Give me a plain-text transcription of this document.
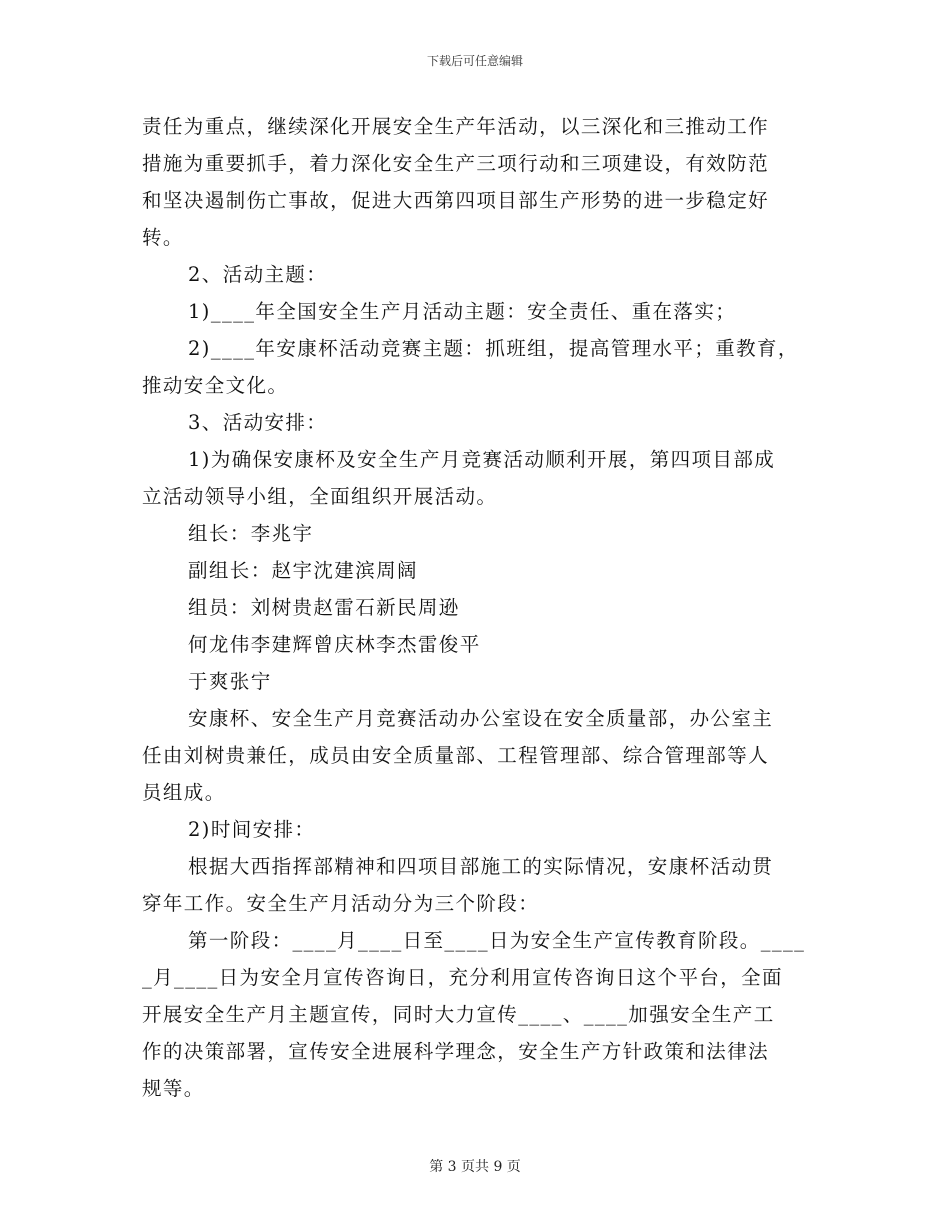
下载后可任意编辑
责任为重点，继续深化开展安全生产年活动，以三深化和三推动工作
措施为重要抓手，着力深化安全生产三项行动和三项建设，有效防范
和坚决遏制伤亡事故，促进大西第四项目部生产形势的进一步稳定好
转。
2、活动主题：
1)____年全国安全生产月活动主题：安全责任、重在落实；
2)____年安康杯活动竞赛主题：抓班组，提高管理水平；重教育，
推动安全文化。
3、活动安排：
1)为确保安康杯及安全生产月竞赛活动顺利开展，第四项目部成
立活动领导小组，全面组织开展活动。
组长：李兆宇
副组长：赵宇沈建滨周阔
组员：刘树贵赵雷石新民周逊
何龙伟李建辉曾庆林李杰雷俊平
于爽张宁
安康杯、安全生产月竞赛活动办公室设在安全质量部，办公室主
任由刘树贵兼任，成员由安全质量部、工程管理部、综合管理部等人
员组成。
2)时间安排：
根据大西指挥部精神和四项目部施工的实际情况，安康杯活动贯
穿年工作。安全生产月活动分为三个阶段：
第一阶段：____月____日至____日为安全生产宣传教育阶段。____
_月____日为安全月宣传咨询日，充分利用宣传咨询日这个平台，全面
开展安全生产月主题宣传，同时大力宣传____、____加强安全生产工
作的决策部署，宣传安全进展科学理念，安全生产方针政策和法律法
规等。
第 3 页共 9 页
